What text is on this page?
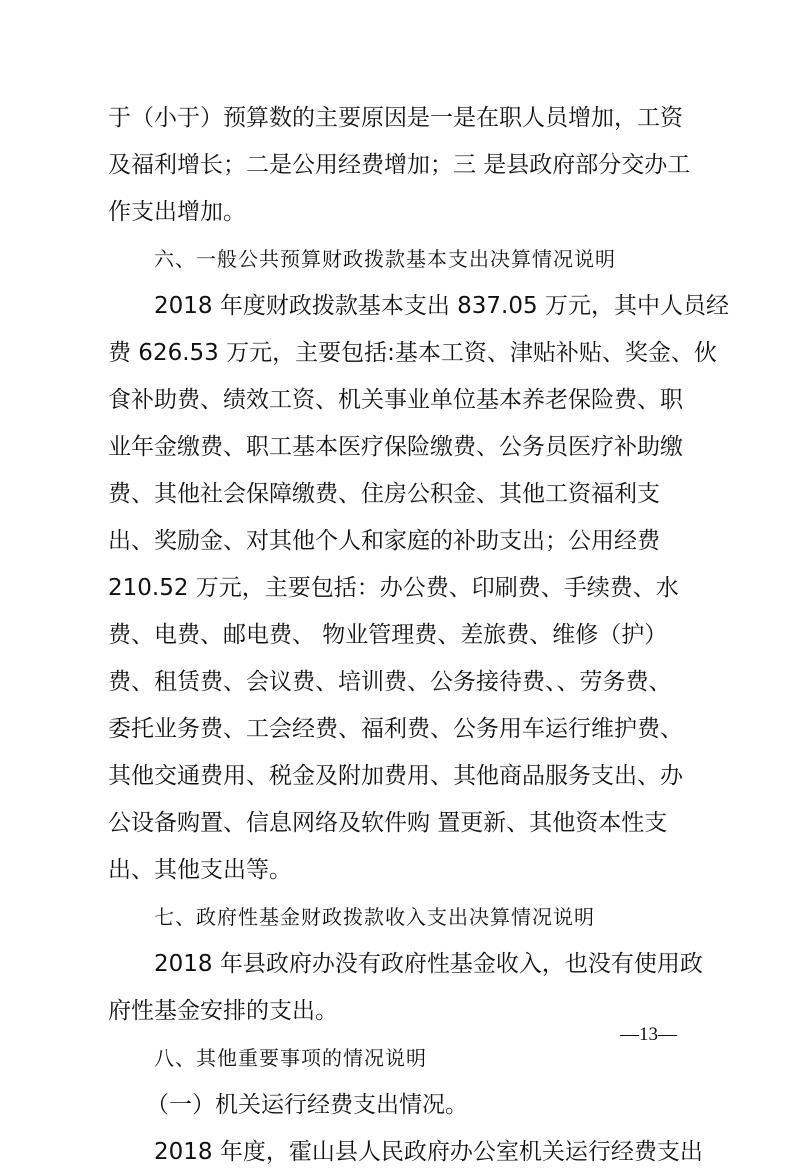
于（小于）预算数的主要原因是一是在职人员增加，工资
及福利增长；二是公用经费增加；三 是县政府部分交办工
作支出增加。
六、一般公共预算财政拨款基本支出决算情况说明
2018 年度财政拨款基本支出 837.05 万元，其中人员经
费 626.53 万元，主要包括:基本工资、津贴补贴、奖金、伙
食补助费、绩效工资、机关事业单位基本养老保险费、职
业年金缴费、职工基本医疗保险缴费、公务员医疗补助缴
费、其他社会保障缴费、住房公积金、其他工资福利支
出、奖励金、对其他个人和家庭的补助支出；公用经费
210.52 万元，主要包括：办公费、印刷费、手续费、水
费、电费、邮电费、 物业管理费、差旅费、维修（护）
费、租赁费、会议费、培训费、公务接待费、、劳务费、
委托业务费、工会经费、福利费、公务用车运行维护费、
其他交通费用、税金及附加费用、其他商品服务支出、办
公设备购置、信息网络及软件购 置更新、其他资本性支
出、其他支出等。
七、政府性基金财政拨款收入支出决算情况说明
2018 年县政府办没有政府性基金收入，也没有使用政
府性基金安排的支出。
八、其他重要事项的情况说明
（一）机关运行经费支出情况。
2018 年度，霍山县人民政府办公室机关运行经费支出
—13—
